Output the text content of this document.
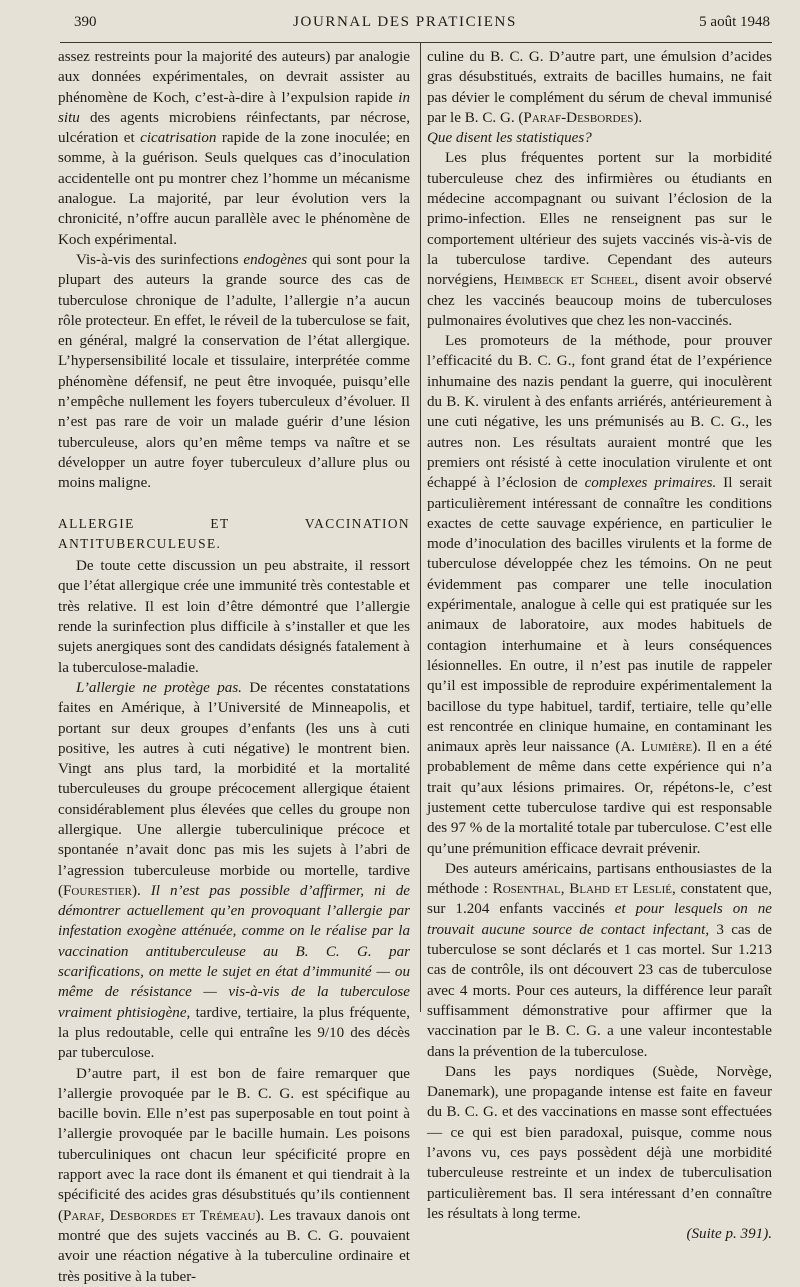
390	JOURNAL DES PRATICIENS	5 août 1948

assez restreints pour la majorité des auteurs) par analogie aux données expérimentales, on devrait assister au phénomène de Koch, c’est-à-dire à l’expulsion rapide in situ des agents microbiens réinfectants, par nécrose, ulcération et cicatrisation rapide de la zone inoculée; en somme, à la guérison. Seuls quelques cas d’inoculation accidentelle ont pu montrer chez l’homme un mécanisme analogue. La majorité, par leur évolution vers la chronicité, n’offre aucun parallèle avec le phénomène de Koch expérimental.

Vis-à-vis des surinfections endogènes qui sont pour la plupart des auteurs la grande source des cas de tuberculose chronique de l’adulte, l’allergie n’a aucun rôle protecteur. En effet, le réveil de la tuberculose se fait, en général, malgré la conservation de l’état allergique. L’hypersensibilité locale et tissulaire, interprétée comme phénomène défensif, ne peut être invoquée, puisqu’elle n’empêche nullement les foyers tuberculeux d’évoluer. Il n’est pas rare de voir un malade guérir d’une lésion tuberculeuse, alors qu’en même temps va naître et se développer un autre foyer tuberculeux d’allure plus ou moins maligne.

ALLERGIE ET VACCINATION ANTITUBERCULEUSE.

De toute cette discussion un peu abstraite, il ressort que l’état allergique crée une immunité très contestable et très relative. Il est loin d’être démontré que l’allergie rende la surinfection plus difficile à s’installer et que les sujets anergiques sont des candidats désignés fatalement à la tuberculose-maladie.

L’allergie ne protège pas. De récentes constatations faites en Amérique, à l’Université de Minneapolis, et portant sur deux groupes d’enfants (les uns à cuti positive, les autres à cuti négative) le montrent bien. Vingt ans plus tard, la morbidité et la mortalité tuberculeuses du groupe précocement allergique étaient considérablement plus élevées que celles du groupe non allergique. Une allergie tuberculinique précoce et spontanée n’avait donc pas mis les sujets à l’abri de l’agression tuberculeuse morbide ou mortelle, tardive (Fourestier). Il n’est pas possible d’affirmer, ni de démontrer actuellement qu’en provoquant l’allergie par infestation exogène atténuée, comme on le réalise par la vaccination antituberculeuse au B. C. G. par scarifications, on mette le sujet en état d’immunité — ou même de résistance — vis-à-vis de la tuberculose vraiment phtisiogène, tardive, tertiaire, la plus fréquente, la plus redoutable, celle qui entraîne les 9/10 des décès par tuberculose.

D’autre part, il est bon de faire remarquer que l’allergie provoquée par le B. C. G. est spécifique au bacille bovin. Elle n’est pas superposable en tout point à l’allergie provoquée par le bacille humain. Les poisons tuberculiniques ont chacun leur spécificité propre en rapport avec la race dont ils émanent et qui tiendrait à la spécificité des acides gras désubstitués qu’ils contiennent (Paraf, Desbordes et Trémeau). Les travaux danois ont montré que des sujets vaccinés au B. C. G. pouvaient avoir une réaction négative à la tuberculine ordinaire et très positive à la tuber-

culine du B. C. G. D’autre part, une émulsion d’acides gras désubstitués, extraits de bacilles humains, ne fait pas dévier le complément du sérum de cheval immunisé par le B. C. G. (Paraf-Desbordes).

Que disent les statistiques?

Les plus fréquentes portent sur la morbidité tuberculeuse chez des infirmières ou étudiants en médecine accompagnant ou suivant l’éclosion de la primo-infection. Elles ne renseignent pas sur le comportement ultérieur des sujets vaccinés vis-à-vis de la tuberculose tardive. Cependant des auteurs norvégiens, Heimbeck et Scheel, disent avoir observé chez les vaccinés beaucoup moins de tuberculoses pulmonaires évolutives que chez les non-vaccinés.

Les promoteurs de la méthode, pour prouver l’efficacité du B. C. G., font grand état de l’expérience inhumaine des nazis pendant la guerre, qui inoculèrent du B. K. virulent à des enfants arriérés, antérieurement à une cuti négative, les uns prémunisés au B. C. G., les autres non. Les résultats auraient montré que les premiers ont résisté à cette inoculation virulente et ont échappé à l’éclosion de complexes primaires. Il serait particulièrement intéressant de connaître les conditions exactes de cette sauvage expérience, en particulier le mode d’inoculation des bacilles virulents et la forme de tuberculose développée chez les témoins. On ne peut évidemment pas comparer une telle inoculation expérimentale, analogue à celle qui est pratiquée sur les animaux de laboratoire, aux modes habituels de contagion interhumaine et à leurs conséquences lésionnelles. En outre, il n’est pas inutile de rappeler qu’il est impossible de reproduire expérimentalement la bacillose du type habituel, tardif, tertiaire, telle qu’elle est rencontrée en clinique humaine, en contaminant les animaux après leur naissance (A. Lumière). Il en a été probablement de même dans cette expérience qui n’a trait qu’aux lésions primaires. Or, répétons-le, c’est justement cette tuberculose tardive qui est responsable des 97 % de la mortalité totale par tuberculose. C’est elle qu’une prémunition efficace devrait prévenir.

Des auteurs américains, partisans enthousiastes de la méthode : Rosenthal, Blahd et Leslié, constatent que, sur 1.204 enfants vaccinés et pour lesquels on ne trouvait aucune source de contact infectant, 3 cas de tuberculose se sont déclarés et 1 cas mortel. Sur 1.213 cas de contrôle, ils ont découvert 23 cas de tuberculose avec 4 morts. Pour ces auteurs, la différence leur paraît suffisamment démonstrative pour affirmer que la vaccination par le B. C. G. a une valeur incontestable dans la prévention de la tuberculose.

Dans les pays nordiques (Suède, Norvège, Danemark), une propagande intense est faite en faveur du B. C. G. et des vaccinations en masse sont effectuées — ce qui est bien paradoxal, puisque, comme nous l’avons vu, ces pays possèdent déjà une morbidité tuberculeuse restreinte et un index de tuberculisation particulièrement bas. Il sera intéressant d’en connaître les résultats à long terme.

(Suite p. 391).
